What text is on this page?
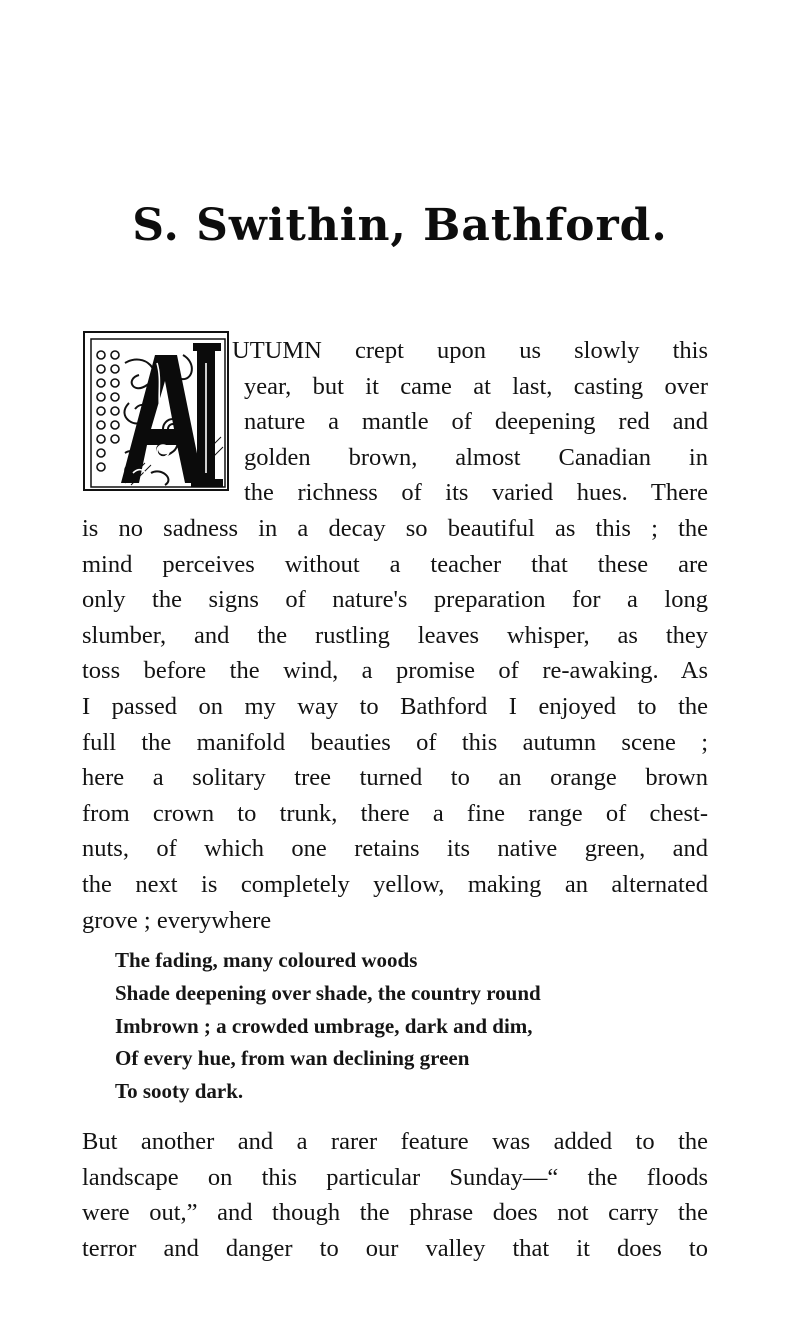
S. Swithin, Bathford.
UTUMN crept upon us slowly this
year, but it came at last, casting over
nature a mantle of deepening red and
golden brown, almost Canadian in
the richness of its varied hues. There
is no sadness in a decay so beautiful as this ; the
mind perceives without a teacher that these are
only the signs of nature's preparation for a long
slumber, and the rustling leaves whisper, as they
toss before the wind, a promise of re-awaking. As
I passed on my way to Bathford I enjoyed to the
full the manifold beauties of this autumn scene ;
here a solitary tree turned to an orange brown
from crown to trunk, there a fine range of chest-
nuts, of which one retains its native green, and
the next is completely yellow, making an alternated
grove ; everywhere
The fading, many coloured woods
Shade deepening over shade, the country round
Imbrown ; a crowded umbrage, dark and dim,
Of every hue, from wan declining green
To sooty dark.
But another and a rarer feature was added to the
landscape on this particular Sunday—“ the floods
were out,” and though the phrase does not carry the
terror and danger to our valley that it does to
